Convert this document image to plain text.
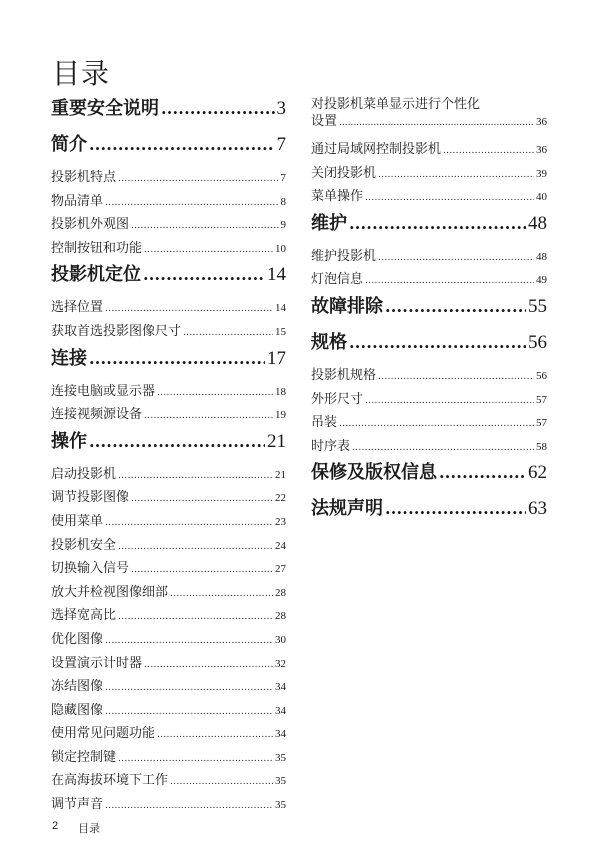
目录
重要安全说明 .....	3
简介 .....	7
投影机特点 .....	7
物品清单 .....	8
投影机外观图 .....	9
控制按钮和功能 .....	10
投影机定位 .....	14
选择位置 .....	14
获取首选投影图像尺寸 .....	15
连接 .....	17
连接电脑或显示器 .....	18
连接视频源设备 .....	19
操作 .....	21
启动投影机 .....	21
调节投影图像 .....	22
使用菜单 .....	23
投影机安全 .....	24
切换输入信号 .....	27
放大并检视图像细部 .....	28
选择宽高比 .....	28
优化图像 .....	30
设置演示计时器 .....	32
冻结图像 .....	34
隐藏图像 .....	34
使用常见问题功能 .....	34
锁定控制键 .....	35
在高海拔环境下工作 .....	35
调节声音 .....	35
对投影机菜单显示进行个性化
设置 .....	36
通过局域网控制投影机 .....	36
关闭投影机 .....	39
菜单操作 .....	40
维护 .....	48
维护投影机 .....	48
灯泡信息 .....	49
故障排除 .....	55
规格 .....	56
投影机规格 .....	56
外形尺寸 .....	57
吊装 .....	57
时序表 .....	58
保修及版权信息 .....	62
法规声明 .....	63
2 目录
